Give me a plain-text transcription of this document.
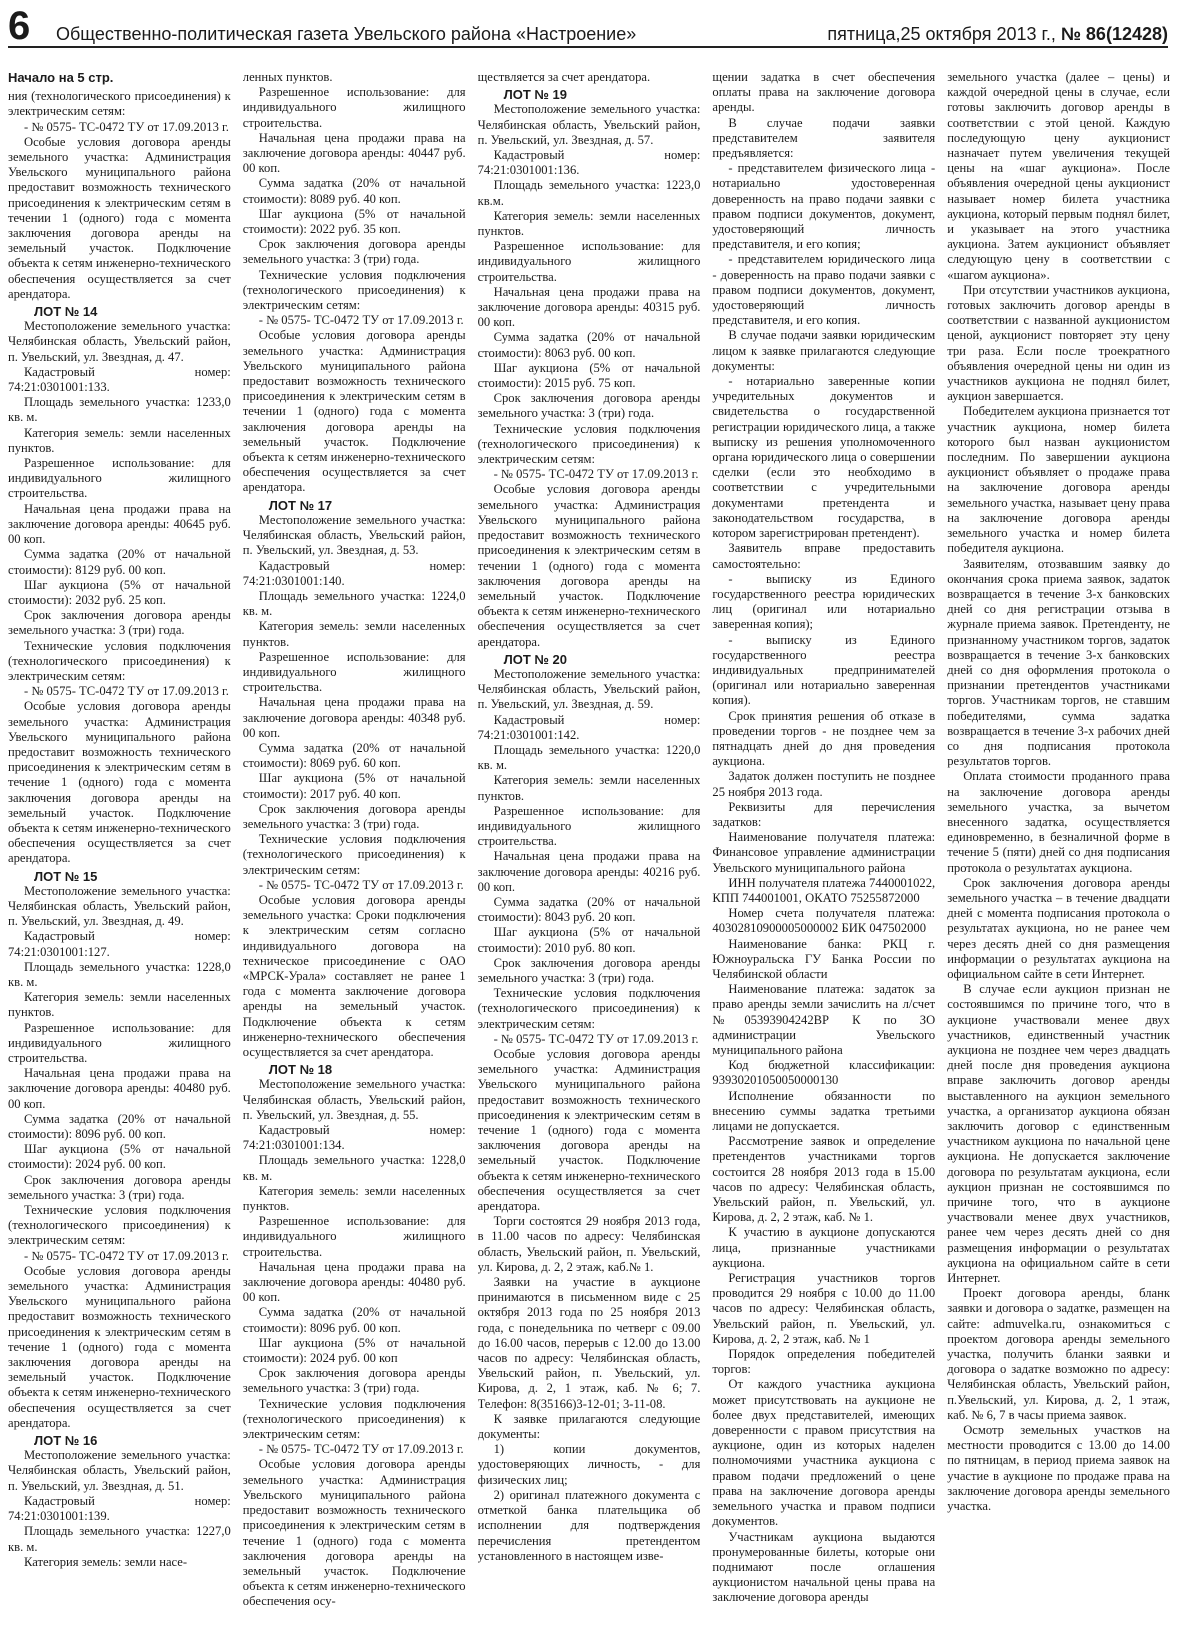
6	Общественно-политическая газета Увельского района «Настроение»	пятница,25 октября 2013 г., № 86(12428)

Начало на 5 стр.

ния (технологического присоединения) к электрическим сетям:

- № 0575- ТС-0472 ТУ от 17.09.2013 г.

Особые условия договора аренды земельного участка: Администрация Увельского муниципального района предоставит возможность технического присоединения к электрическим сетям в течении 1 (одного) года с момента заключения договора аренды на земельный участок. Подключение объекта к сетям инженерно-технического обеспечения осуществляется за счет арендатора.

ЛОТ № 14

Местоположение земельного участка: Челябинская область, Увельский район, п. Увельский, ул. Звездная, д. 47.

Кадастровый номер: 74:21:0301001:133.

Площадь земельного участка: 1233,0 кв. м.

Категория земель: земли населенных пунктов.

Разрешенное использование: для индивидуального жилищного строительства.

Начальная цена продажи права на заключение договора аренды: 40645 руб. 00 коп.

Сумма задатка (20% от начальной стоимости): 8129 руб. 00 коп.

Шаг аукциона (5% от начальной стоимости): 2032 руб. 25 коп.

Срок заключения договора аренды земельного участка: 3 (три) года.

Технические условия подключения (технологического присоединения) к электрическим сетям:

- № 0575- ТС-0472 ТУ от 17.09.2013 г.

Особые условия договора аренды земельного участка: Администрация Увельского муниципального района предоставит возможность технического присоединения к электрическим сетям в течение 1 (одного) года с момента заключения договора аренды на земельный участок. Подключение объекта к сетям инженерно-технического обеспечения осуществляется за счет арендатора.

ЛОТ № 15

Местоположение земельного участка: Челябинская область, Увельский район, п. Увельский, ул. Звездная, д. 49.

Кадастровый номер: 74:21:0301001:127.

Площадь земельного участка: 1228,0 кв. м.

Категория земель: земли населенных пунктов.

Разрешенное использование: для индивидуального жилищного строительства.

Начальная цена продажи права на заключение договора аренды: 40480 руб. 00 коп.

Сумма задатка (20% от начальной стоимости): 8096 руб. 00 коп.

Шаг аукциона (5% от начальной стоимости): 2024 руб. 00 коп.

Срок заключения договора аренды земельного участка: 3 (три) года.

Технические условия подключения (технологического присоединения) к электрическим сетям:

- № 0575- ТС-0472 ТУ от 17.09.2013 г.

Особые условия договора аренды земельного участка: Администрация Увельского муниципального района предоставит возможность технического присоединения к электрическим сетям в течение 1 (одного) года с момента заключения договора аренды на земельный участок. Подключение объекта к сетям инженерно-технического обеспечения осуществляется за счет арендатора.

ЛОТ № 16

Местоположение земельного участка: Челябинская область, Увельский район, п. Увельский, ул. Звездная, д. 51.

Кадастровый номер: 74:21:0301001:139.

Площадь земельного участка: 1227,0 кв. м.

Категория земель: земли насе-

ленных пунктов.

Разрешенное использование: для индивидуального жилищного строительства.

Начальная цена продажи права на заключение договора аренды: 40447 руб. 00 коп.

Сумма задатка (20% от начальной стоимости): 8089 руб. 40 коп.

Шаг аукциона (5% от начальной стоимости): 2022 руб. 35 коп.

Срок заключения договора аренды земельного участка: 3 (три) года.

Технические условия подключения (технологического присоединения) к электрическим сетям:

- № 0575- ТС-0472 ТУ от 17.09.2013 г.

Особые условия договора аренды земельного участка: Администрация Увельского муниципального района предоставит возможность технического присоединения к электрическим сетям в течении 1 (одного) года с момента заключения договора аренды на земельный участок. Подключение объекта к сетям инженерно-технического обеспечения осуществляется за счет арендатора.

ЛОТ № 17

Местоположение земельного участка: Челябинская область, Увельский район, п. Увельский, ул. Звездная, д. 53.

Кадастровый номер: 74:21:0301001:140.

Площадь земельного участка: 1224,0 кв. м.

Категория земель: земли населенных пунктов.

Разрешенное использование: для индивидуального жилищного строительства.

Начальная цена продажи права на заключение договора аренды: 40348 руб. 00 коп.

Сумма задатка (20% от начальной стоимости): 8069 руб. 60 коп.

Шаг аукциона (5% от начальной стоимости): 2017 руб. 40 коп.

Срок заключения договора аренды земельного участка: 3 (три) года.

Технические условия подключения (технологического присоединения) к электрическим сетям:

- № 0575- ТС-0472 ТУ от 17.09.2013 г.

Особые условия договора аренды земельного участка: Сроки подключения к электрическим сетям согласно индивидуального договора на техническое присоединение с ОАО «МРСК-Урала» составляет не ранее 1 года с момента заключение договора аренды на земельный участок. Подключение объекта к сетям инженерно-технического обеспечения осуществляется за счет арендатора.

ЛОТ № 18

Местоположение земельного участка: Челябинская область, Увельский район, п. Увельский, ул. Звездная, д. 55.

Кадастровый номер: 74:21:0301001:134.

Площадь земельного участка: 1228,0 кв. м.

Категория земель: земли населенных пунктов.

Разрешенное использование: для индивидуального жилищного строительства.

Начальная цена продажи права на заключение договора аренды: 40480 руб. 00 коп.

Сумма задатка (20% от начальной стоимости): 8096 руб. 00 коп.

Шаг аукциона (5% от начальной стоимости): 2024 руб. 00 коп

Срок заключения договора аренды земельного участка: 3 (три) года.

Технические условия подключения (технологического присоединения) к электрическим сетям:

- № 0575- ТС-0472 ТУ от 17.09.2013 г.

Особые условия договора аренды земельного участка: Администрация Увельского муниципального района предоставит возможность технического присоединения к электрическим сетям в течение 1 (одного) года с момента заключения договора аренды на земельный участок. Подключение объекта к сетям инженерно-технического обеспечения осу-

ществляется за счет арендатора.

ЛОТ № 19

Местоположение земельного участка: Челябинская область, Увельский район, п. Увельский, ул. Звездная, д. 57.

Кадастровый номер: 74:21:0301001:136.

Площадь земельного участка: 1223,0 кв.м.

Категория земель: земли населенных пунктов.

Разрешенное использование: для индивидуального жилищного строительства.

Начальная цена продажи права на заключение договора аренды: 40315 руб. 00 коп.

Сумма задатка (20% от начальной стоимости): 8063 руб. 00 коп.

Шаг аукциона (5% от начальной стоимости): 2015 руб. 75 коп.

Срок заключения договора аренды земельного участка: 3 (три) года.

Технические условия подключения (технологического присоединения) к электрическим сетям:

- № 0575- ТС-0472 ТУ от 17.09.2013 г.

Особые условия договора аренды земельного участка: Администрация Увельского муниципального района предоставит возможность технического присоединения к электрическим сетям в течении 1 (одного) года с момента заключения договора аренды на земельный участок. Подключение объекта к сетям инженерно-технического обеспечения осуществляется за счет арендатора.

ЛОТ № 20

Местоположение земельного участка: Челябинская область, Увельский район, п. Увельский, ул. Звездная, д. 59.

Кадастровый номер: 74:21:0301001:142.

Площадь земельного участка: 1220,0 кв. м.

Категория земель: земли населенных пунктов.

Разрешенное использование: для индивидуального жилищного строительства.

Начальная цена продажи права на заключение договора аренды: 40216 руб. 00 коп.

Сумма задатка (20% от начальной стоимости): 8043 руб. 20 коп.

Шаг аукциона (5% от начальной стоимости): 2010 руб. 80 коп.

Срок заключения договора аренды земельного участка: 3 (три) года.

Технические условия подключения (технологического присоединения) к электрическим сетям:

- № 0575- ТС-0472 ТУ от 17.09.2013 г.

Особые условия договора аренды земельного участка: Администрация Увельского муниципального района предоставит возможность технического присоединения к электрическим сетям в течение 1 (одного) года с момента заключения договора аренды на земельный участок. Подключение объекта к сетям инженерно-технического обеспечения осуществляется за счет арендатора.

Торги состоятся 29 ноября 2013 года, в 11.00 часов по адресу: Челябинская область, Увельский район, п. Увельский, ул. Кирова, д. 2, 2 этаж, каб.№ 1.

Заявки на участие в аукционе принимаются в письменном виде с 25 октября 2013 года по 25 ноября 2013 года, с понедельника по четверг с 09.00 до 16.00 часов, перерыв с 12.00 до 13.00 часов по адресу: Челябинская область, Увельский район, п. Увельский, ул. Кирова, д. 2, 1 этаж, каб. № 6; 7. Телефон: 8(35166)3-12-01; 3-11-08.

К заявке прилагаются следующие документы:

1) копии документов, удостоверяющих личность, - для физических лиц;

2) оригинал платежного документа с отметкой банка плательщика об исполнении для подтверждения перечисления претендентом установленного в настоящем изве-

щении задатка в счет обеспечения оплаты права на заключение договора аренды.

В случае подачи заявки представителем заявителя предъявляется:

- представителем физического лица - нотариально удостоверенная доверенность на право подачи заявки с правом подписи документов, документ, удостоверяющий личность представителя, и его копия;

- представителем юридического лица - доверенность на право подачи заявки с правом подписи документов, документ, удостоверяющий личность представителя, и его копия.

В случае подачи заявки юридическим лицом к заявке прилагаются следующие документы:

- нотариально заверенные копии учредительных документов и свидетельства о государственной регистрации юридического лица, а также выписку из решения уполномоченного органа юридического лица о совершении сделки (если это необходимо в соответствии с учредительными документами претендента и законодательством государства, в котором зарегистрирован претендент).

Заявитель вправе предоставить самостоятельно:

- выписку из Единого государственного реестра юридических лиц (оригинал или нотариально заверенная копия);

- выписку из Единого государственного реестра индивидуальных предпринимателей (оригинал или нотариально заверенная копия).

Срок принятия решения об отказе в проведении торгов - не позднее чем за пятнадцать дней до дня проведения аукциона.

Задаток должен поступить не позднее 25 ноября 2013 года.

Реквизиты для перечисления задатков:

Наименование получателя платежа: Финансовое управление администрации Увельского муниципального района

ИНН получателя платежа 7440001022, КПП 744001001, ОКАТО 75255872000

Номер счета получателя платежа: 40302810900005000002 БИК 047502000

Наименование банка: РКЦ г. Южноуральска ГУ Банка России по Челябинской области

Наименование платежа: задаток за право аренды земли зачислить на л/счет №05393904242ВР К по ЗО администрации Увельского муниципального района

Код бюджетной классификации: 93930201050050000130

Исполнение обязанности по внесению суммы задатка третьими лицами не допускается.

Рассмотрение заявок и определение претендентов участниками торгов состоится 28 ноября 2013 года в 15.00 часов по адресу: Челябинская область, Увельский район, п. Увельский, ул. Кирова, д. 2, 2 этаж, каб. № 1.

К участию в аукционе допускаются лица, признанные участниками аукциона.

Регистрация участников торгов проводится 29 ноября с 10.00 до 11.00 часов по адресу: Челябинская область, Увельский район, п. Увельский, ул. Кирова, д. 2, 2 этаж, каб. № 1

Порядок определения победителей торгов:

От каждого участника аукциона может присутствовать на аукционе не более двух представителей, имеющих доверенности с правом присутствия на аукционе, один из которых наделен полномочиями участника аукциона с правом подачи предложений о цене права на заключение договора аренды земельного участка и правом подписи документов.

Участникам аукциона выдаются пронумерованные билеты, которые они поднимают после оглашения аукционистом начальной цены права на заключение договора аренды

земельного участка (далее – цены) и каждой очередной цены в случае, если готовы заключить договор аренды в соответствии с этой ценой. Каждую последующую цену аукционист назначает путем увеличения текущей цены на «шаг аукциона». После объявления очередной цены аукционист называет номер билета участника аукциона, который первым поднял билет, и указывает на этого участника аукциона. Затем аукционист объявляет следующую цену в соответствии с «шагом аукциона».

При отсутствии участников аукциона, готовых заключить договор аренды в соответствии с названной аукционистом ценой, аукционист повторяет эту цену три раза. Если после троекратного объявления очередной цены ни один из участников аукциона не поднял билет, аукцион завершается.

Победителем аукциона признается тот участник аукциона, номер билета которого был назван аукционистом последним. По завершении аукциона аукционист объявляет о продаже права на заключение договора аренды земельного участка, называет цену права на заключение договора аренды земельного участка и номер билета победителя аукциона.

Заявителям, отозвавшим заявку до окончания срока приема заявок, задаток возвращается в течение 3-х банковских дней со дня регистрации отзыва в журнале приема заявок. Претенденту, не признанному участником торгов, задаток возвращается в течение 3-х банковских дней со дня оформления протокола о признании претендентов участниками торгов. Участникам торгов, не ставшим победителями, сумма задатка возвращается в течение 3-х рабочих дней со дня подписания протокола результатов торгов.

Оплата стоимости проданного права на заключение договора аренды земельного участка, за вычетом внесенного задатка, осуществляется единовременно, в безналичной форме в течение 5 (пяти) дней со дня подписания протокола о результатах аукциона.

Срок заключения договора аренды земельного участка – в течение двадцати дней с момента подписания протокола о результатах аукциона, но не ранее чем через десять дней со дня размещения информации о результатах аукциона на официальном сайте в сети Интернет.

В случае если аукцион признан не состоявшимся по причине того, что в аукционе участвовали менее двух участников, единственный участник аукциона не позднее чем через двадцать дней после дня проведения аукциона вправе заключить договор аренды выставленного на аукцион земельного участка, а организатор аукциона обязан заключить договор с единственным участником аукциона по начальной цене аукциона. Не допускается заключение договора по результатам аукциона, если аукцион признан не состоявшимся по причине того, что в аукционе участвовали менее двух участников, ранее чем через десять дней со дня размещения информации о результатах аукциона на официальном сайте в сети Интернет.

Проект договора аренды, бланк заявки и договора о задатке, размещен на сайте: admuvelka.ru, ознакомиться с проектом договора аренды земельного участка, получить бланки заявки и договора о задатке возможно по адресу: Челябинская область, Увельский район, п.Увельский, ул. Кирова, д. 2, 1 этаж, каб. № 6, 7 в часы приема заявок.

Осмотр земельных участков на местности проводится с 13.00 до 14.00 по пятницам, в период приема заявок на участие в аукционе по продаже права на заключение договора аренды земельного участка.
